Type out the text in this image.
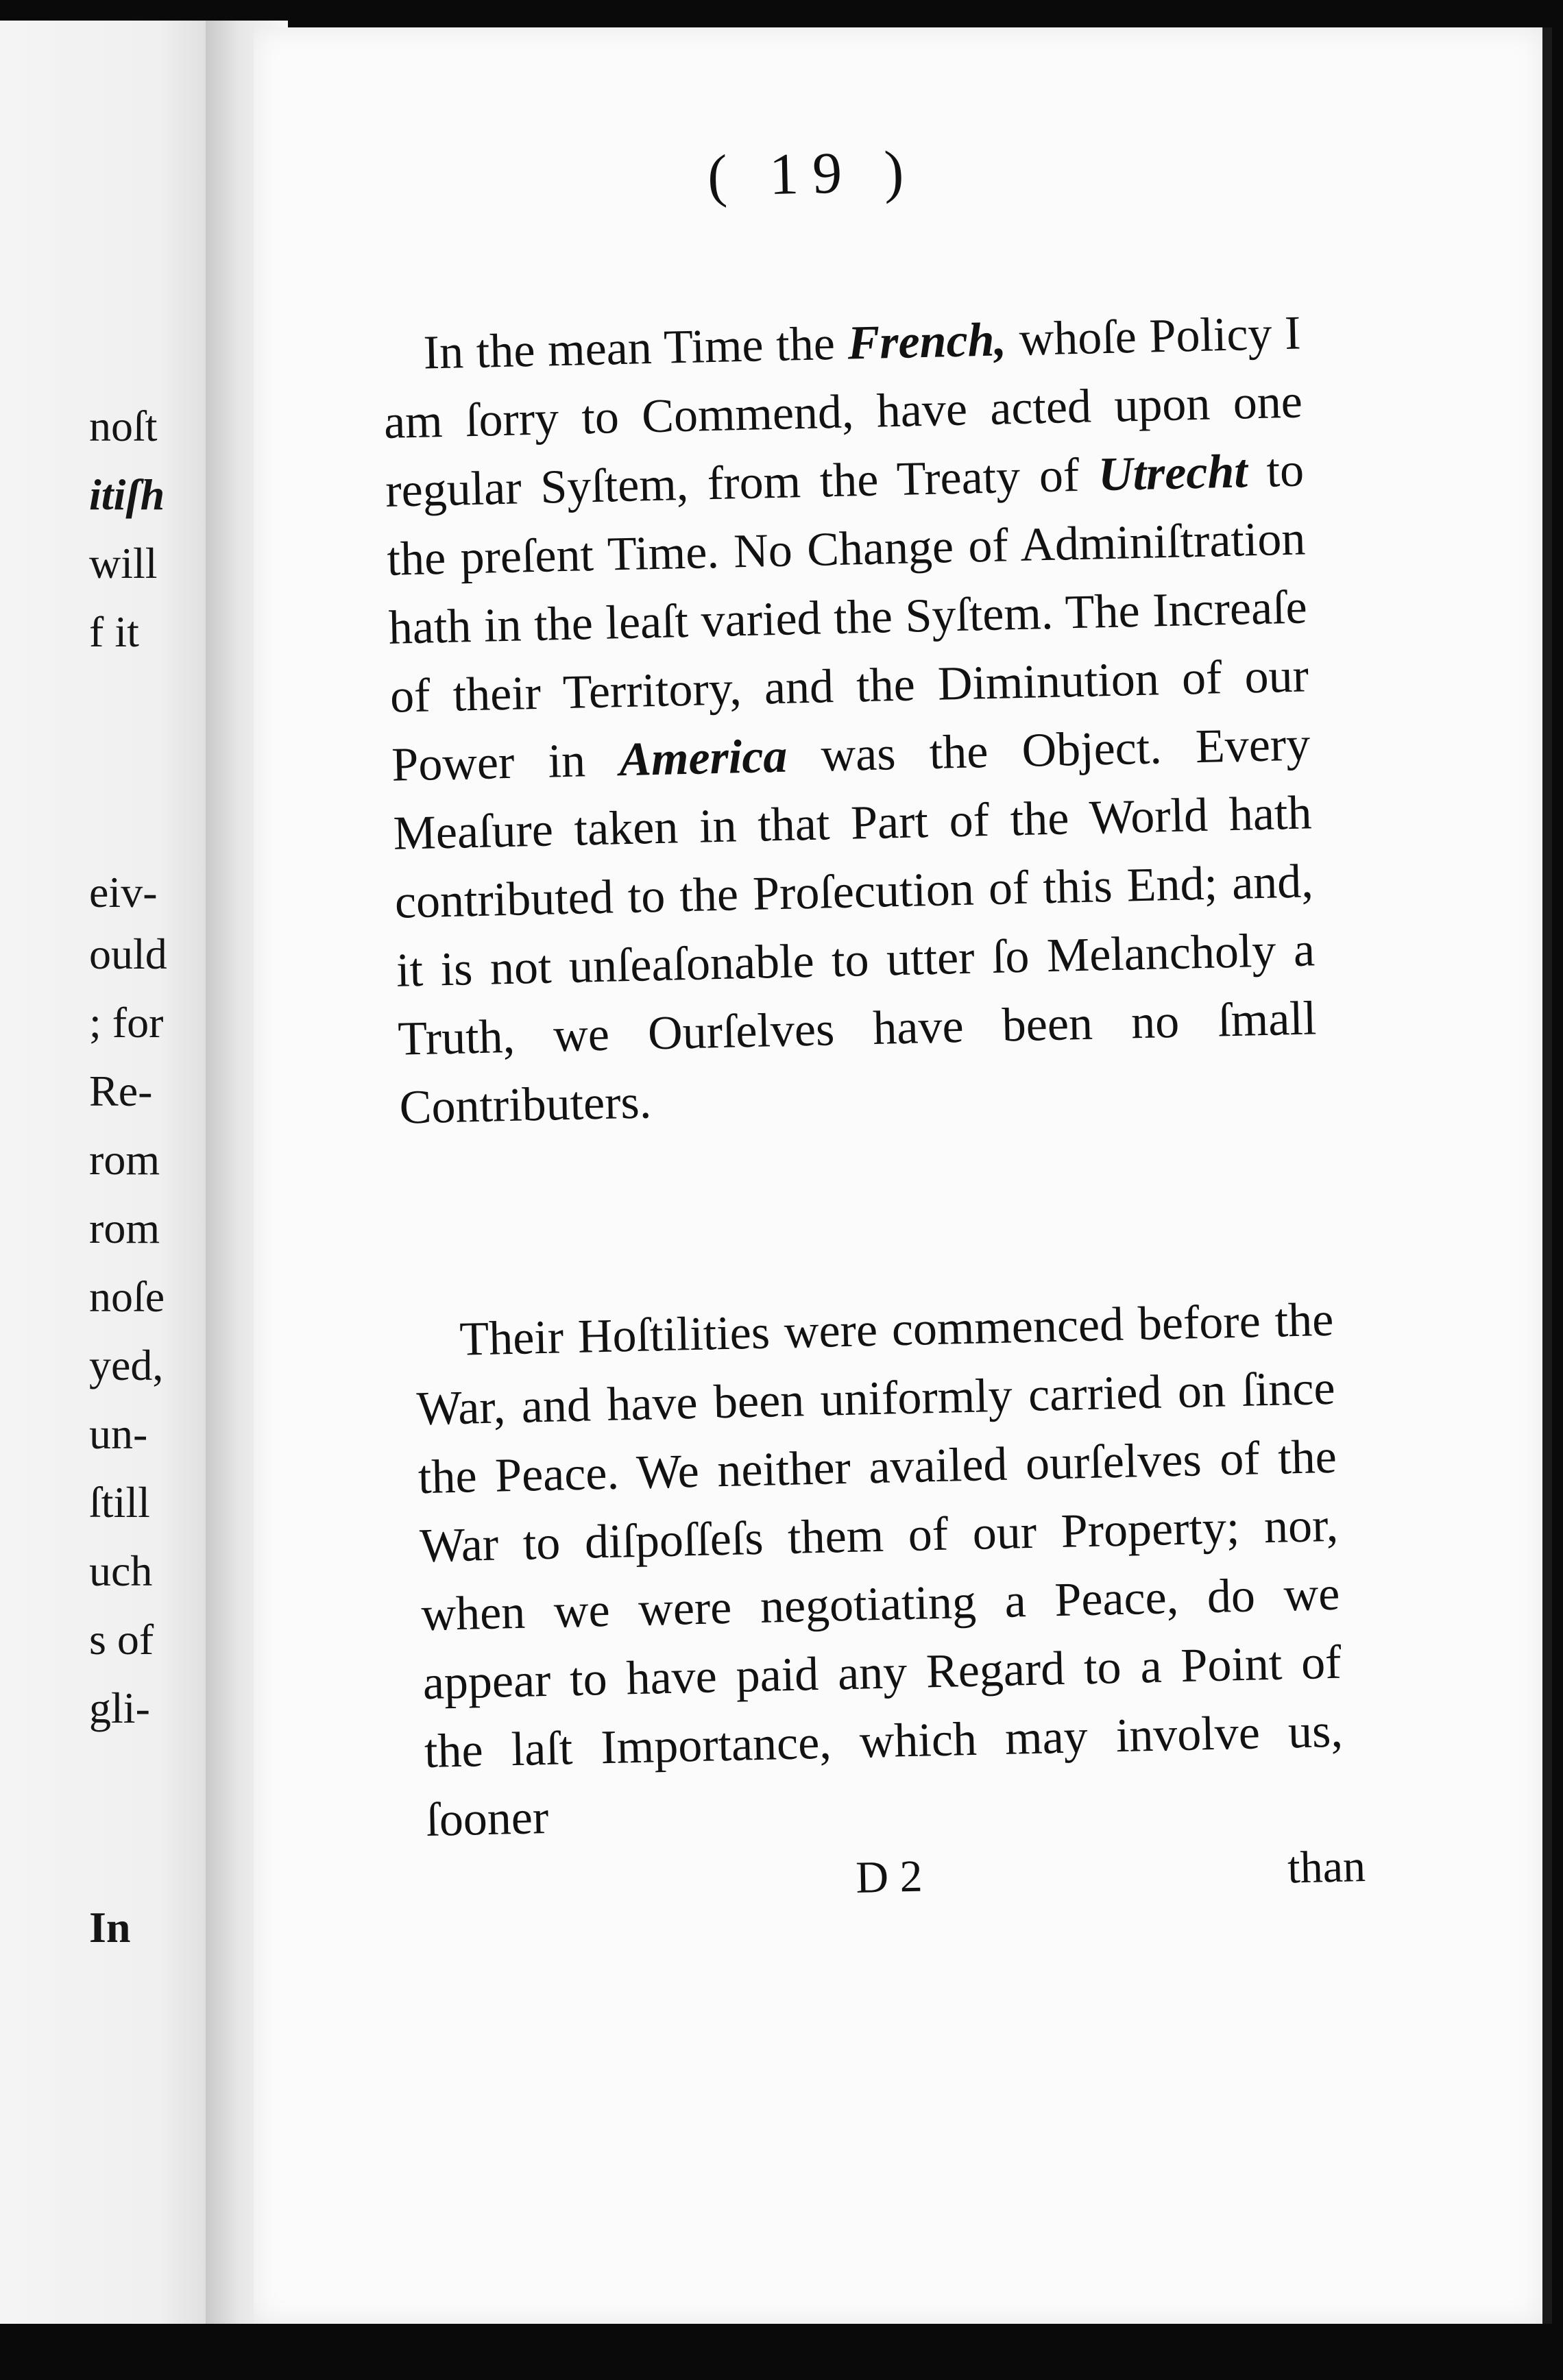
noſt
itiſh
will
f it
eiv-
ould
; for
Re-
rom
rom
noſe
yed,
un-
ſtill
uch
s of
gli-
In
( 19 )
In the mean Time the French, whoſe Policy I am ſorry to Commend, have acted upon one regular Syſtem, from the Treaty of Utrecht to the preſent Time. No Change of Adminiſtration hath in the leaſt varied the Syſtem. The Increaſe of their Territory, and the Diminution of our Power in America was the Object. Every Meaſure taken in that Part of the World hath contributed to the Proſecution of this End; and, it is not unſeaſonable to utter ſo Melancholy a Truth, we Ourſelves have been no ſmall Contributers.
Their Hoſtilities were commenced before the War, and have been uniformly carried on ſince the Peace. We neither availed ourſelves of the War to diſpoſſeſs them of our Property; nor, when we were negotiating a Peace, do we appear to have paid any Regard to a Point of the laſt Importance, which may involve us, ſooner
D 2	than
